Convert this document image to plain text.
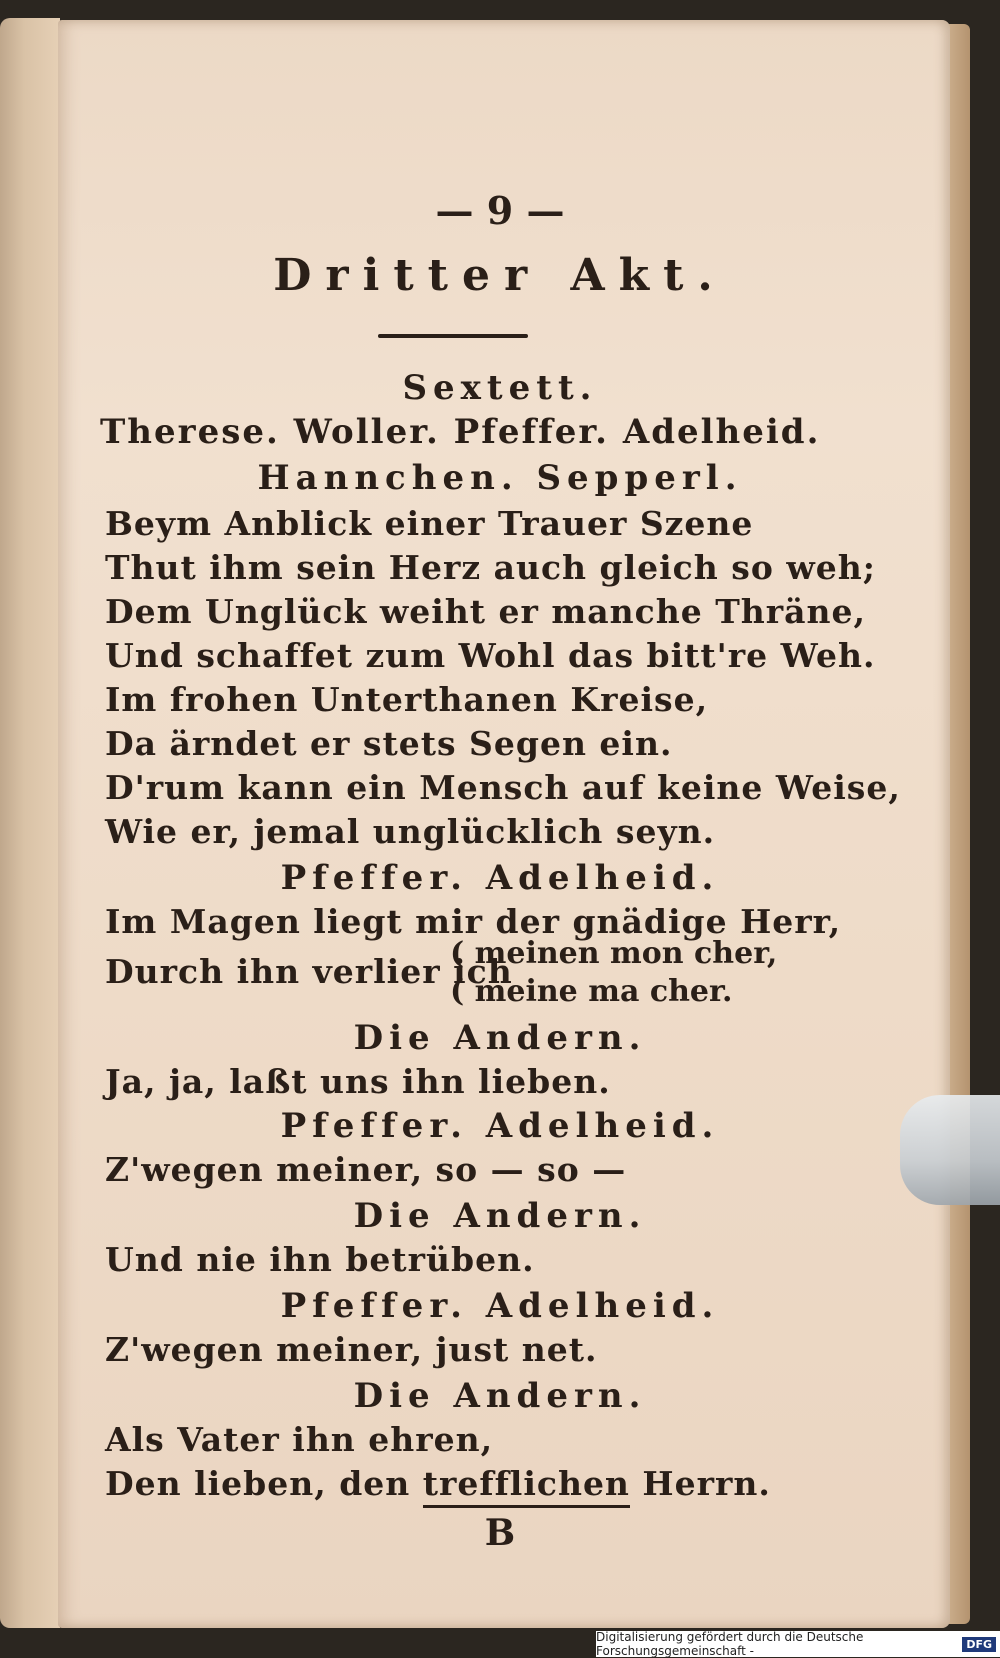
— 9 —
Dritter Akt.
Sextett.
Therese. Woller. Pfeffer. Adelheid.
Hannchen. Sepperl.
Beym Anblick einer Trauer Szene
Thut ihm sein Herz auch gleich so weh;
Dem Unglück weiht er manche Thräne,
Und schaffet zum Wohl das bitt're Weh.
Im frohen Unterthanen Kreise,
Da ärndet er stets Segen ein.
D'rum kann ein Mensch auf keine Weise,
Wie er, jemal unglücklich seyn.
Pfeffer. Adelheid.
Im Magen liegt mir der gnädige Herr,
Durch ihn verlier ich
( meinen mon cher,
( meine ma cher.
Die Andern.
Ja, ja, laßt uns ihn lieben.
Pfeffer. Adelheid.
Z'wegen meiner, so — so —
Die Andern.
Und nie ihn betrüben.
Pfeffer. Adelheid.
Z'wegen meiner, just net.
Die Andern.
Als Vater ihn ehren,
Den lieben, den trefflichen Herrn.
B
Digitalisierung gefördert durch die Deutsche Forschungsgemeinschaft -	DFG
